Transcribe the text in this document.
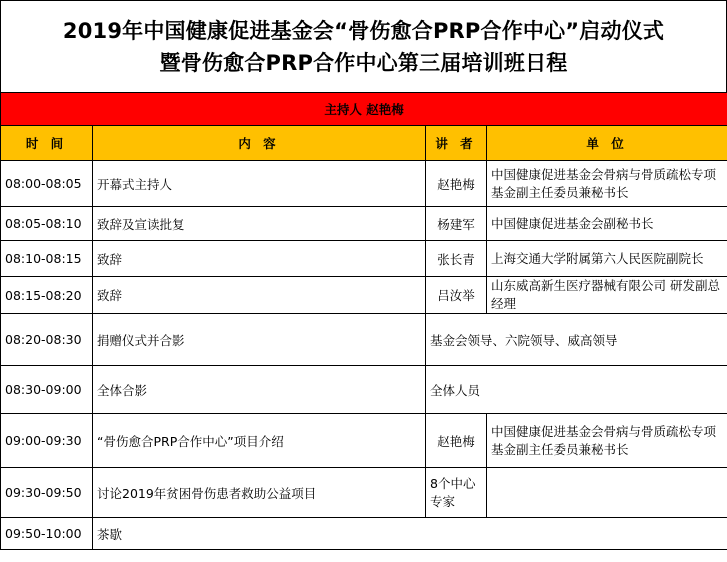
2019年中国健康促进基金会“骨伤愈合PRP合作中心”启动仪式
暨骨伤愈合PRP合作中心第三届培训班日程
主持人 赵艳梅			
时 间	内 容	讲 者	单 位
08:00-08:05	开幕式主持人	赵艳梅	中国健康促进基金会骨病与骨质疏松专项基金副主任委员兼秘书长
08:05-08:10	致辞及宣读批复	杨建军	中国健康促进基金会副秘书长
08:10-08:15	致辞	张长青	上海交通大学附属第六人民医院副院长
08:15-08:20	致辞	吕汝举	山东威高新生医疗器械有限公司 研发副总经理
08:20-08:30	捐赠仪式并合影	基金会领导、六院领导、威高领导	
08:30-09:00	全体合影	全体人员	
09:00-09:30	“骨伤愈合PRP合作中心”项目介绍	赵艳梅	中国健康促进基金会骨病与骨质疏松专项基金副主任委员兼秘书长
09:30-09:50	讨论2019年贫困骨伤患者救助公益项目	8个中心专家	
09:50-10:00	茶歇		
